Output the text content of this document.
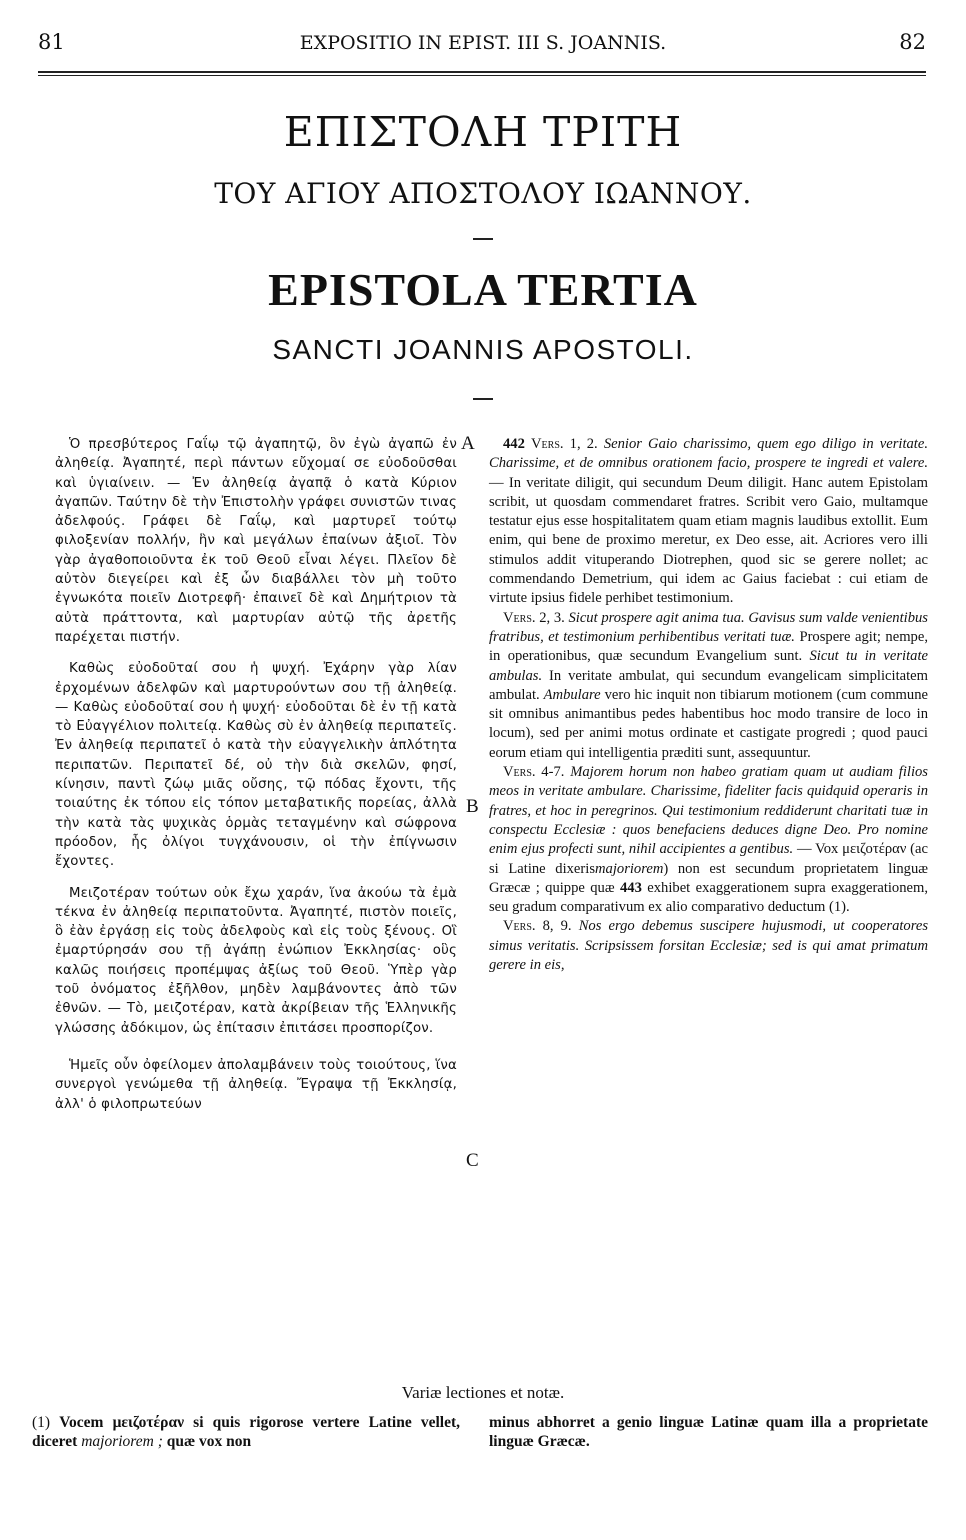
81	EXPOSITIO IN EPIST. III S. JOANNIS.	82
ΕΠΙΣΤΟΛΗ ΤΡΙΤΗ
ΤΟΥ ΑΓΙΟΥ ΑΠΟΣΤΟΛΟΥ ΙΩΑΝΝΟΥ.
EPISTOLA TERTIA
SANCTI JOANNIS APOSTOLI.
A
B
C

Ὁ πρεσβύτερος Γαΐῳ τῷ ἀγαπητῷ, ὃν ἐγὼ ἀγαπῶ ἐν ἀληθείᾳ. Ἀγαπητέ, περὶ πάντων εὔχομαί σε εὐοδοῦσθαι καὶ ὑγιαίνειν. — Ἐν ἀληθείᾳ ἀγαπᾷ ὁ κατὰ Κύριον ἀγαπῶν. Ταύτην δὲ τὴν Ἐπιστολὴν γράφει συνιστῶν τινας ἀδελφούς. Γράφει δὲ Γαΐῳ, καὶ μαρτυρεῖ τούτῳ φιλοξενίαν πολλήν, ἣν καὶ μεγάλων ἐπαίνων ἀξιοῖ. Τὸν γὰρ ἀγαθοποιοῦντα ἐκ τοῦ Θεοῦ εἶναι λέγει. Πλεῖον δὲ αὐτὸν διεγείρει καὶ ἐξ ὧν διαβάλλει τὸν μὴ τοῦτο ἐγνωκότα ποιεῖν Διοτρεφῆ· ἐπαινεῖ δὲ καὶ Δημήτριον τὰ αὐτὰ πράττοντα, καὶ μαρτυρίαν αὐτῷ τῆς ἀρετῆς παρέχεται πιστήν.

Καθὼς εὐοδοῦταί σου ἡ ψυχή. Ἐχάρην γὰρ λίαν ἐρχομένων ἀδελφῶν καὶ μαρτυρούντων σου τῇ ἀληθείᾳ. — Καθὼς εὐοδοῦταί σου ἡ ψυχή· εὐοδοῦται δὲ ἐν τῇ κατὰ τὸ Εὐαγγέλιον πολιτείᾳ. Καθὼς σὺ ἐν ἀληθείᾳ περιπατεῖς. Ἐν ἀληθείᾳ περιπατεῖ ὁ κατὰ τὴν εὐαγγελικὴν ἁπλότητα περιπατῶν. Περιπατεῖ δέ, οὐ τὴν διὰ σκελῶν, φησί, κίνησιν, παντὶ ζώῳ μιᾶς οὔσης, τῷ πόδας ἔχοντι, τῆς τοιαύτης ἐκ τόπου εἰς τόπον μεταβατικῆς πορείας, ἀλλὰ τὴν κατὰ τὰς ψυχικὰς ὁρμὰς τεταγμένην καὶ σώφρονα πρόοδον, ἧς ὀλίγοι τυγχάνουσιν, οἱ τὴν ἐπίγνωσιν ἔχοντες.

Μειζοτέραν τούτων οὐκ ἔχω χαράν, ἵνα ἀκούω τὰ ἐμὰ τέκνα ἐν ἀληθείᾳ περιπατοῦντα. Ἀγαπητέ, πιστὸν ποιεῖς, ὃ ἐὰν ἐργάσῃ εἰς τοὺς ἀδελφοὺς καὶ εἰς τοὺς ξένους. Οἳ ἐμαρτύρησάν σου τῇ ἀγάπῃ ἐνώπιον Ἐκκλησίας· οὓς καλῶς ποιήσεις προπέμψας ἀξίως τοῦ Θεοῦ. Ὑπὲρ γὰρ τοῦ ὀνόματος ἐξῆλθον, μηδὲν λαμβάνοντες ἀπὸ τῶν ἐθνῶν. — Τὸ, μειζοτέραν, κατὰ ἀκρίβειαν τῆς Ἑλληνικῆς γλώσσης ἀδόκιμον, ὡς ἐπίτασιν ἐπιτάσει προσπορίζον.

Ἡμεῖς οὖν ὀφείλομεν ἀπολαμβάνειν τοὺς τοιούτους, ἵνα συνεργοὶ γενώμεθα τῇ ἀληθείᾳ. Ἔγραψα τῇ Ἐκκλησίᾳ, ἀλλ' ὁ φιλοπρωτεύων

442 Vers. 1, 2. Senior Gaio charissimo, quem ego diligo in veritate. Charissime, et de omnibus orationem facio, prospere te ingredi et valere. — In veritate diligit, qui secundum Deum diligit. Hanc autem Epistolam scribit, ut quosdam commendaret fratres. Scribit vero Gaio, multamque testatur ejus esse hospitalitatem quam etiam magnis laudibus extollit. Eum enim, qui bene de proximo meretur, ex Deo esse, ait. Acriores vero illi stimulos addit vituperando Diotrephen, quod sic se gerere nollet; ac commendando Demetrium, qui idem ac Gaius faciebat : cui etiam de virtute ipsius fidele perhibet testimonium.

Vers. 2, 3. Sicut prospere agit anima tua. Gavisus sum valde venientibus fratribus, et testimonium perhibentibus veritati tuæ. Prospere agit; nempe, in operationibus, quæ secundum Evangelium sunt. Sicut tu in veritate ambulas. In veritate ambulat, qui secundum evangelicam simplicitatem ambulat. Ambulare vero hic inquit non tibiarum motionem (cum commune sit omnibus animantibus pedes habentibus hoc modo transire de loco in locum), sed per animi motus ordinate et castigate progredi ; quod pauci eorum etiam qui intelligentia præditi sunt, assequuntur.

Vers. 4-7. Majorem horum non habeo gratiam quam ut audiam filios meos in veritate ambulare. Charissime, fideliter facis quidquid operaris in fratres, et hoc in peregrinos. Qui testimonium reddiderunt charitati tuæ in conspectu Ecclesiæ : quos benefaciens deduces digne Deo. Pro nomine enim ejus profecti sunt, nihil accipientes a gentibus. — Vox μειζοτέραν (ac si Latine dixerismajoriorem) non est secundum proprietatem linguæ Græcæ ; quippe quæ 443 exhibet exaggerationem supra exaggerationem, seu gradum comparativum ex alio comparativo deductum (1).

Vers. 8, 9. Nos ergo debemus suscipere hujusmodi, ut cooperatores simus veritatis. Scripsissem forsitan Ecclesiæ; sed is qui amat primatum gerere in eis,

Variæ lectiones et notæ.
(1) Vocem μειζοτέραν si quis rigorose vertere Latine vellet, diceret majoriorem ; quæ vox non
minus abhorret a genio linguæ Latinæ quam illa a proprietate linguæ Græcæ.
